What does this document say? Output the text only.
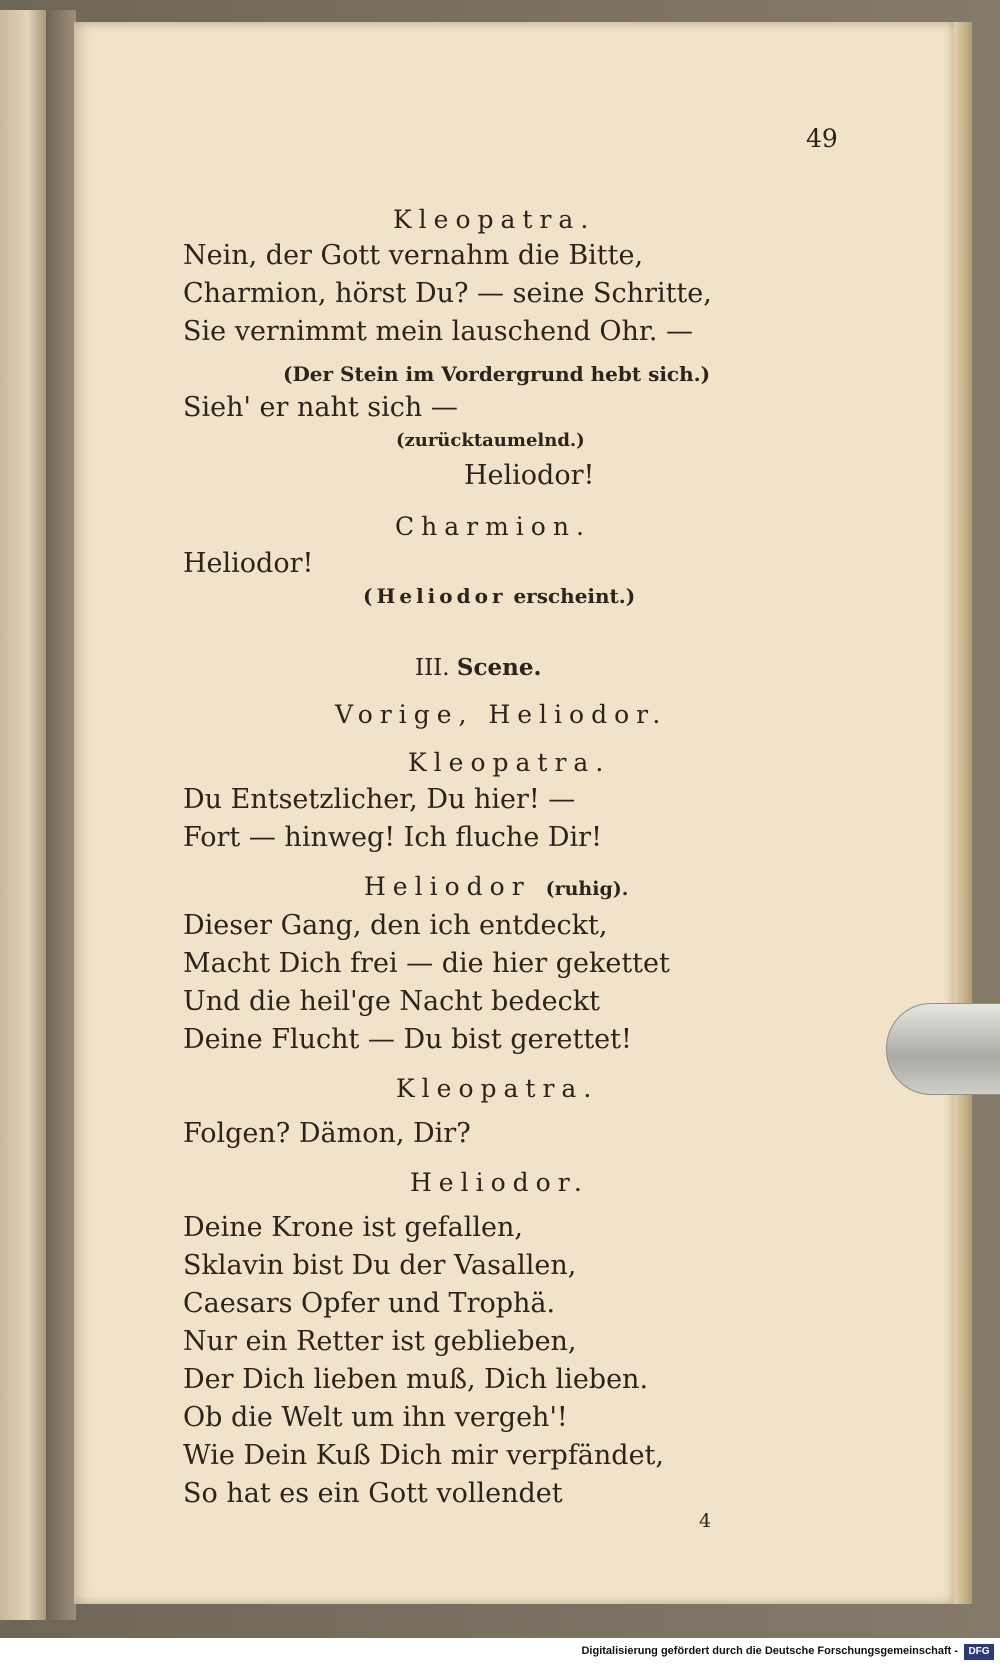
49
Kleopatra.
Nein, der Gott vernahm die Bitte,
Charmion, hörst Du? — seine Schritte,
Sie vernimmt mein lauschend Ohr. —
(Der Stein im Vordergrund hebt sich.)
Sieh' er naht sich —
(zurücktaumelnd.)
Heliodor!
Charmion.
Heliodor!
(Heliodor erscheint.)
III. Scene.
Vorige, Heliodor.
Kleopatra.
Du Entsetzlicher, Du hier! —
Fort — hinweg! Ich fluche Dir!
Heliodor (ruhig).
Dieser Gang, den ich entdeckt,
Macht Dich frei — die hier gekettet
Und die heil'ge Nacht bedeckt
Deine Flucht — Du bist gerettet!
Kleopatra.
Folgen? Dämon, Dir?
Heliodor.
Deine Krone ist gefallen,
Sklavin bist Du der Vasallen,
Caesars Opfer und Trophä.
Nur ein Retter ist geblieben,
Der Dich lieben muß, Dich lieben.
Ob die Welt um ihn vergeh'!
Wie Dein Kuß Dich mir verpfändet,
So hat es ein Gott vollendet
4
Digitalisierung gefördert durch die Deutsche Forschungsgemeinschaft -	DFG
